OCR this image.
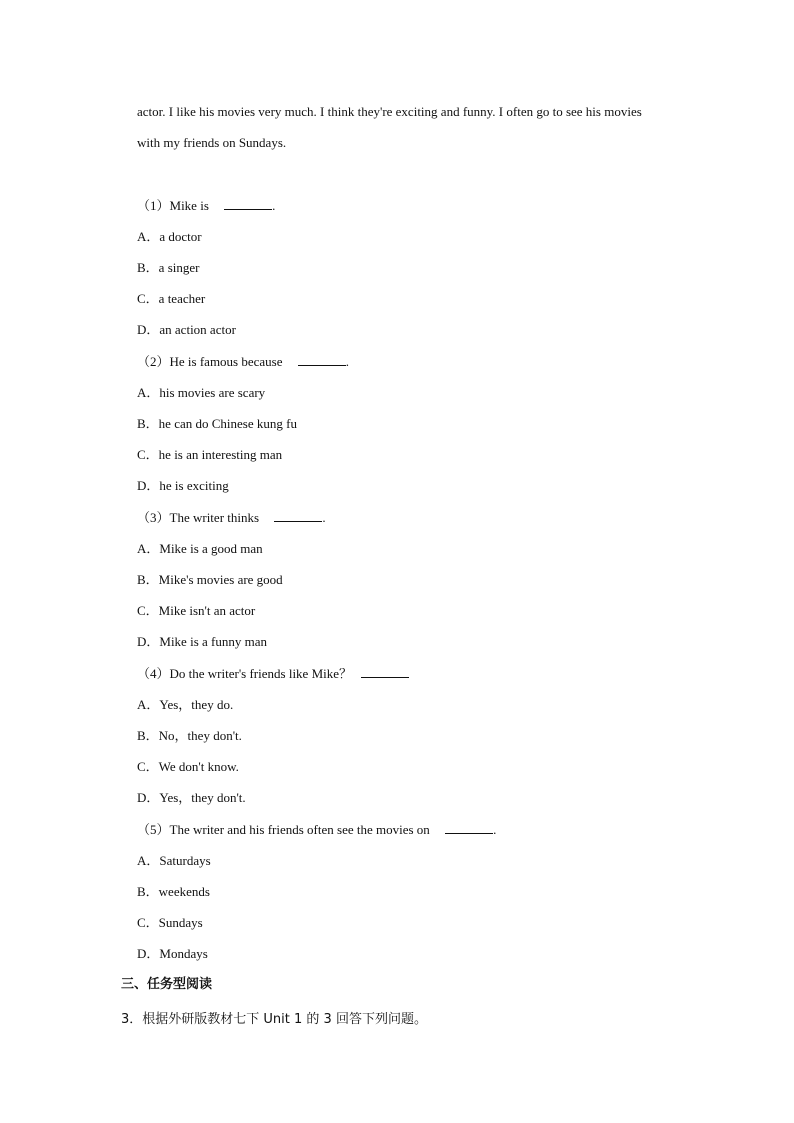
actor. I like his movies very much. I think they're exciting and funny. I often go to see his movies
with my friends on Sundays.
（1）Mike is	.
A．a doctor
B．a singer
C．a teacher
D．an action actor
（2）He is famous because	.
A．his movies are scary
B．he can do Chinese kung fu
C．he is an interesting man
D．he is exciting
（3）The writer thinks	.
A．Mike is a good man
B．Mike's movies are good
C．Mike isn't an actor
D．Mike is a funny man
（4）Do the writer's friends like Mike？
A．Yes，they do.
B．No，they don't.
C．We don't know.
D．Yes，they don't.
（5）The writer and his friends often see the movies on	.
A．Saturdays
B．weekends
C．Sundays
D．Mondays
三、任务型阅读
3．根据外研版教材七下 Unit 1 的 3 回答下列问题。
